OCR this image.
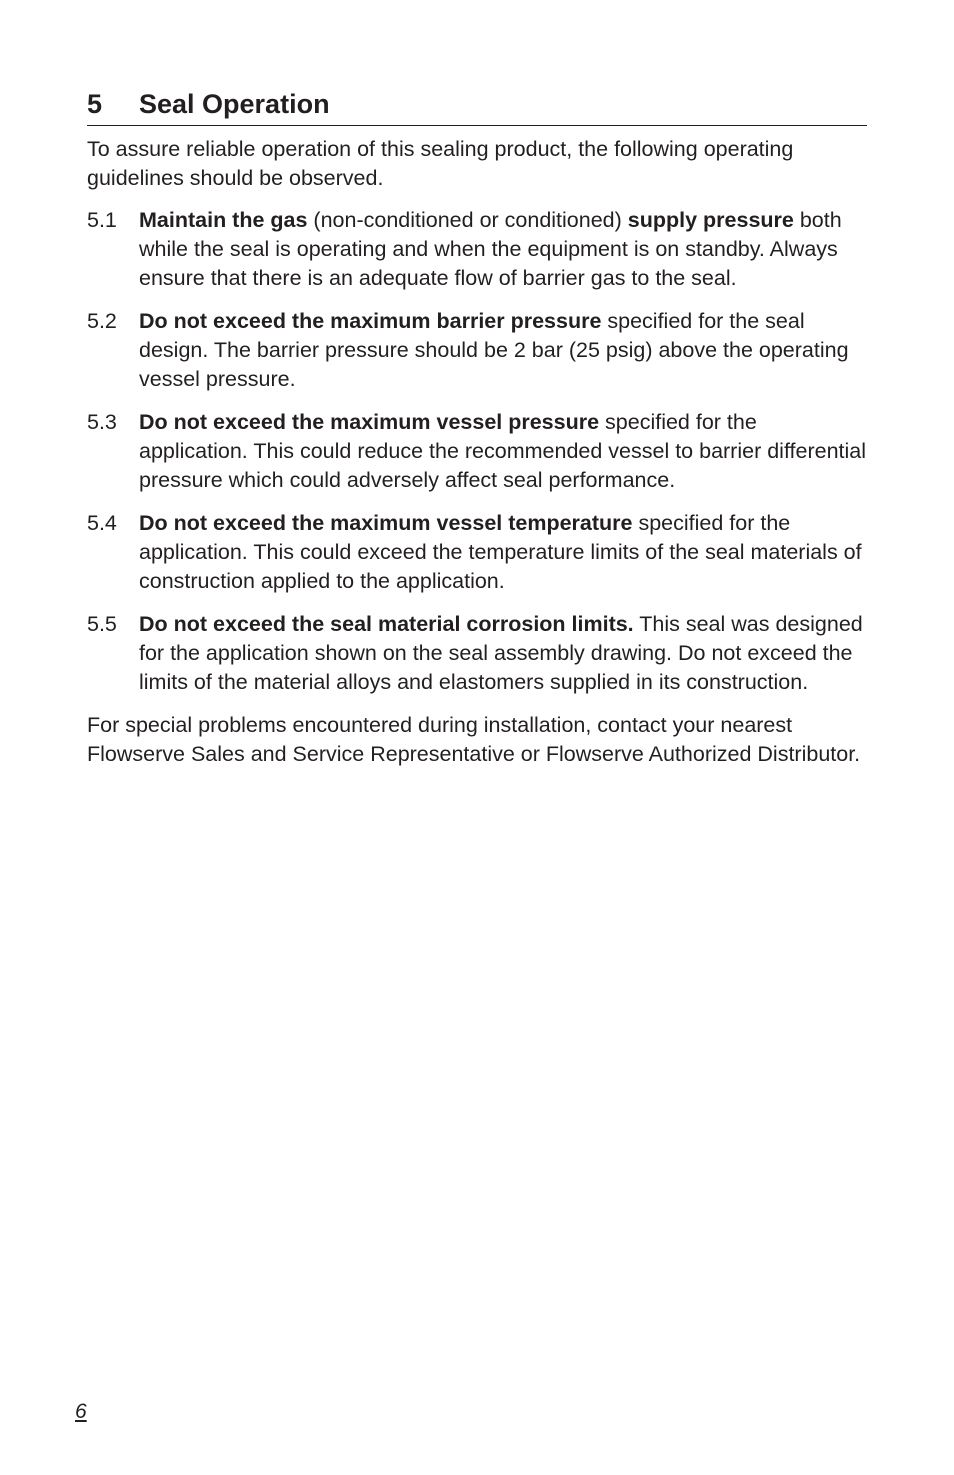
5	Seal Operation

To assure reliable operation of this sealing product, the following operating guidelines should be observed.

5.1	Maintain the gas (non-conditioned or conditioned) supply pressure both while the seal is operating and when the equipment is on standby. Always ensure that there is an adequate flow of barrier gas to the seal.
5.2	Do not exceed the maximum barrier pressure specified for the seal design. The barrier pressure should be 2 bar (25 psig) above the operating vessel pressure.
5.3	Do not exceed the maximum vessel pressure specified for the application. This could reduce the recommended vessel to barrier differential pressure which could adversely affect seal performance.
5.4	Do not exceed the maximum vessel temperature specified for the application. This could exceed the temperature limits of the seal materials of construction applied to the application.
5.5	Do not exceed the seal material corrosion limits. This seal was designed for the application shown on the seal assembly drawing. Do not exceed the limits of the material alloys and elastomers supplied in its construction.

For special problems encountered during installation, contact your nearest Flowserve Sales and Service Representative or Flowserve Authorized Distributor.

6
